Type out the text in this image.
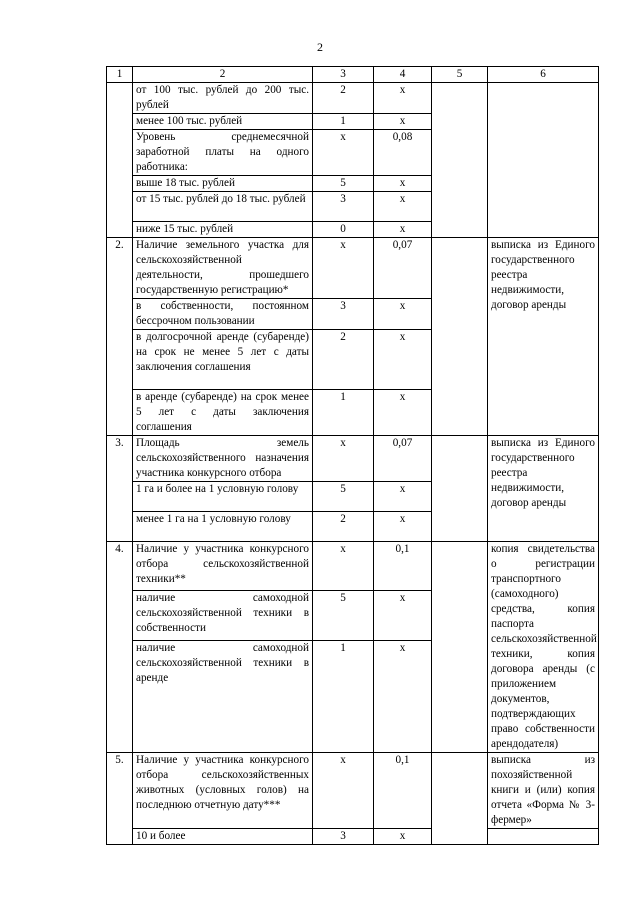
2
1	2	3	4	5	6
	от 100 тыс. рублей до 200 тыс. рублей	2	х		
	менее 100 тыс. рублей	1	х		
	Уровень среднемесячной заработной платы на одного работника:	х	0,08		
	выше 18 тыс. рублей	5	х		
	от 15 тыс. рублей до 18 тыс. рублей	3	х		
	ниже 15 тыс. рублей	0	х		
2.	Наличие земельного участка для сельскохозяйственной деятельности, прошедшего государственную регистрацию*	х	0,07		выписка из Единого государственного реестра недвижимости, договор аренды
	в собственности, постоянном бессрочном пользовании	3	х		
	в долгосрочной аренде (субаренде) на срок не менее 5 лет с даты заключения соглашения	2	х		
	в аренде (субаренде) на срок менее 5 лет с даты заключения соглашения	1	х		
3.	Площадь земель сельскохозяйственного назначения участника конкурсного отбора	х	0,07		выписка из Единого государственного реестра недвижимости, договор аренды
	1 га и более на 1 условную голову	5	х		
	менее 1 га на 1 условную голову	2	х		
4.	Наличие у участника конкурсного отбора сельскохозяйственной техники**	х	0,1		копия свидетельства о регистрации транспортного (самоходного) средства, копия паспорта сельскохозяйственной техники, копия договора аренды (с приложением документов, подтверждающих право собственности арендодателя)
	наличие самоходной сельскохозяйственной техники в собственности	5	х		
	наличие самоходной сельскохозяйственной техники в аренде	1	х		
5.	Наличие у участника конкурсного отбора сельскохозяйственных животных (условных голов) на последнюю отчетную дату***	х	0,1		выписка из похозяйственной книги и (или) копия отчета «Форма № 3-фермер»
	10 и более	3	х		
